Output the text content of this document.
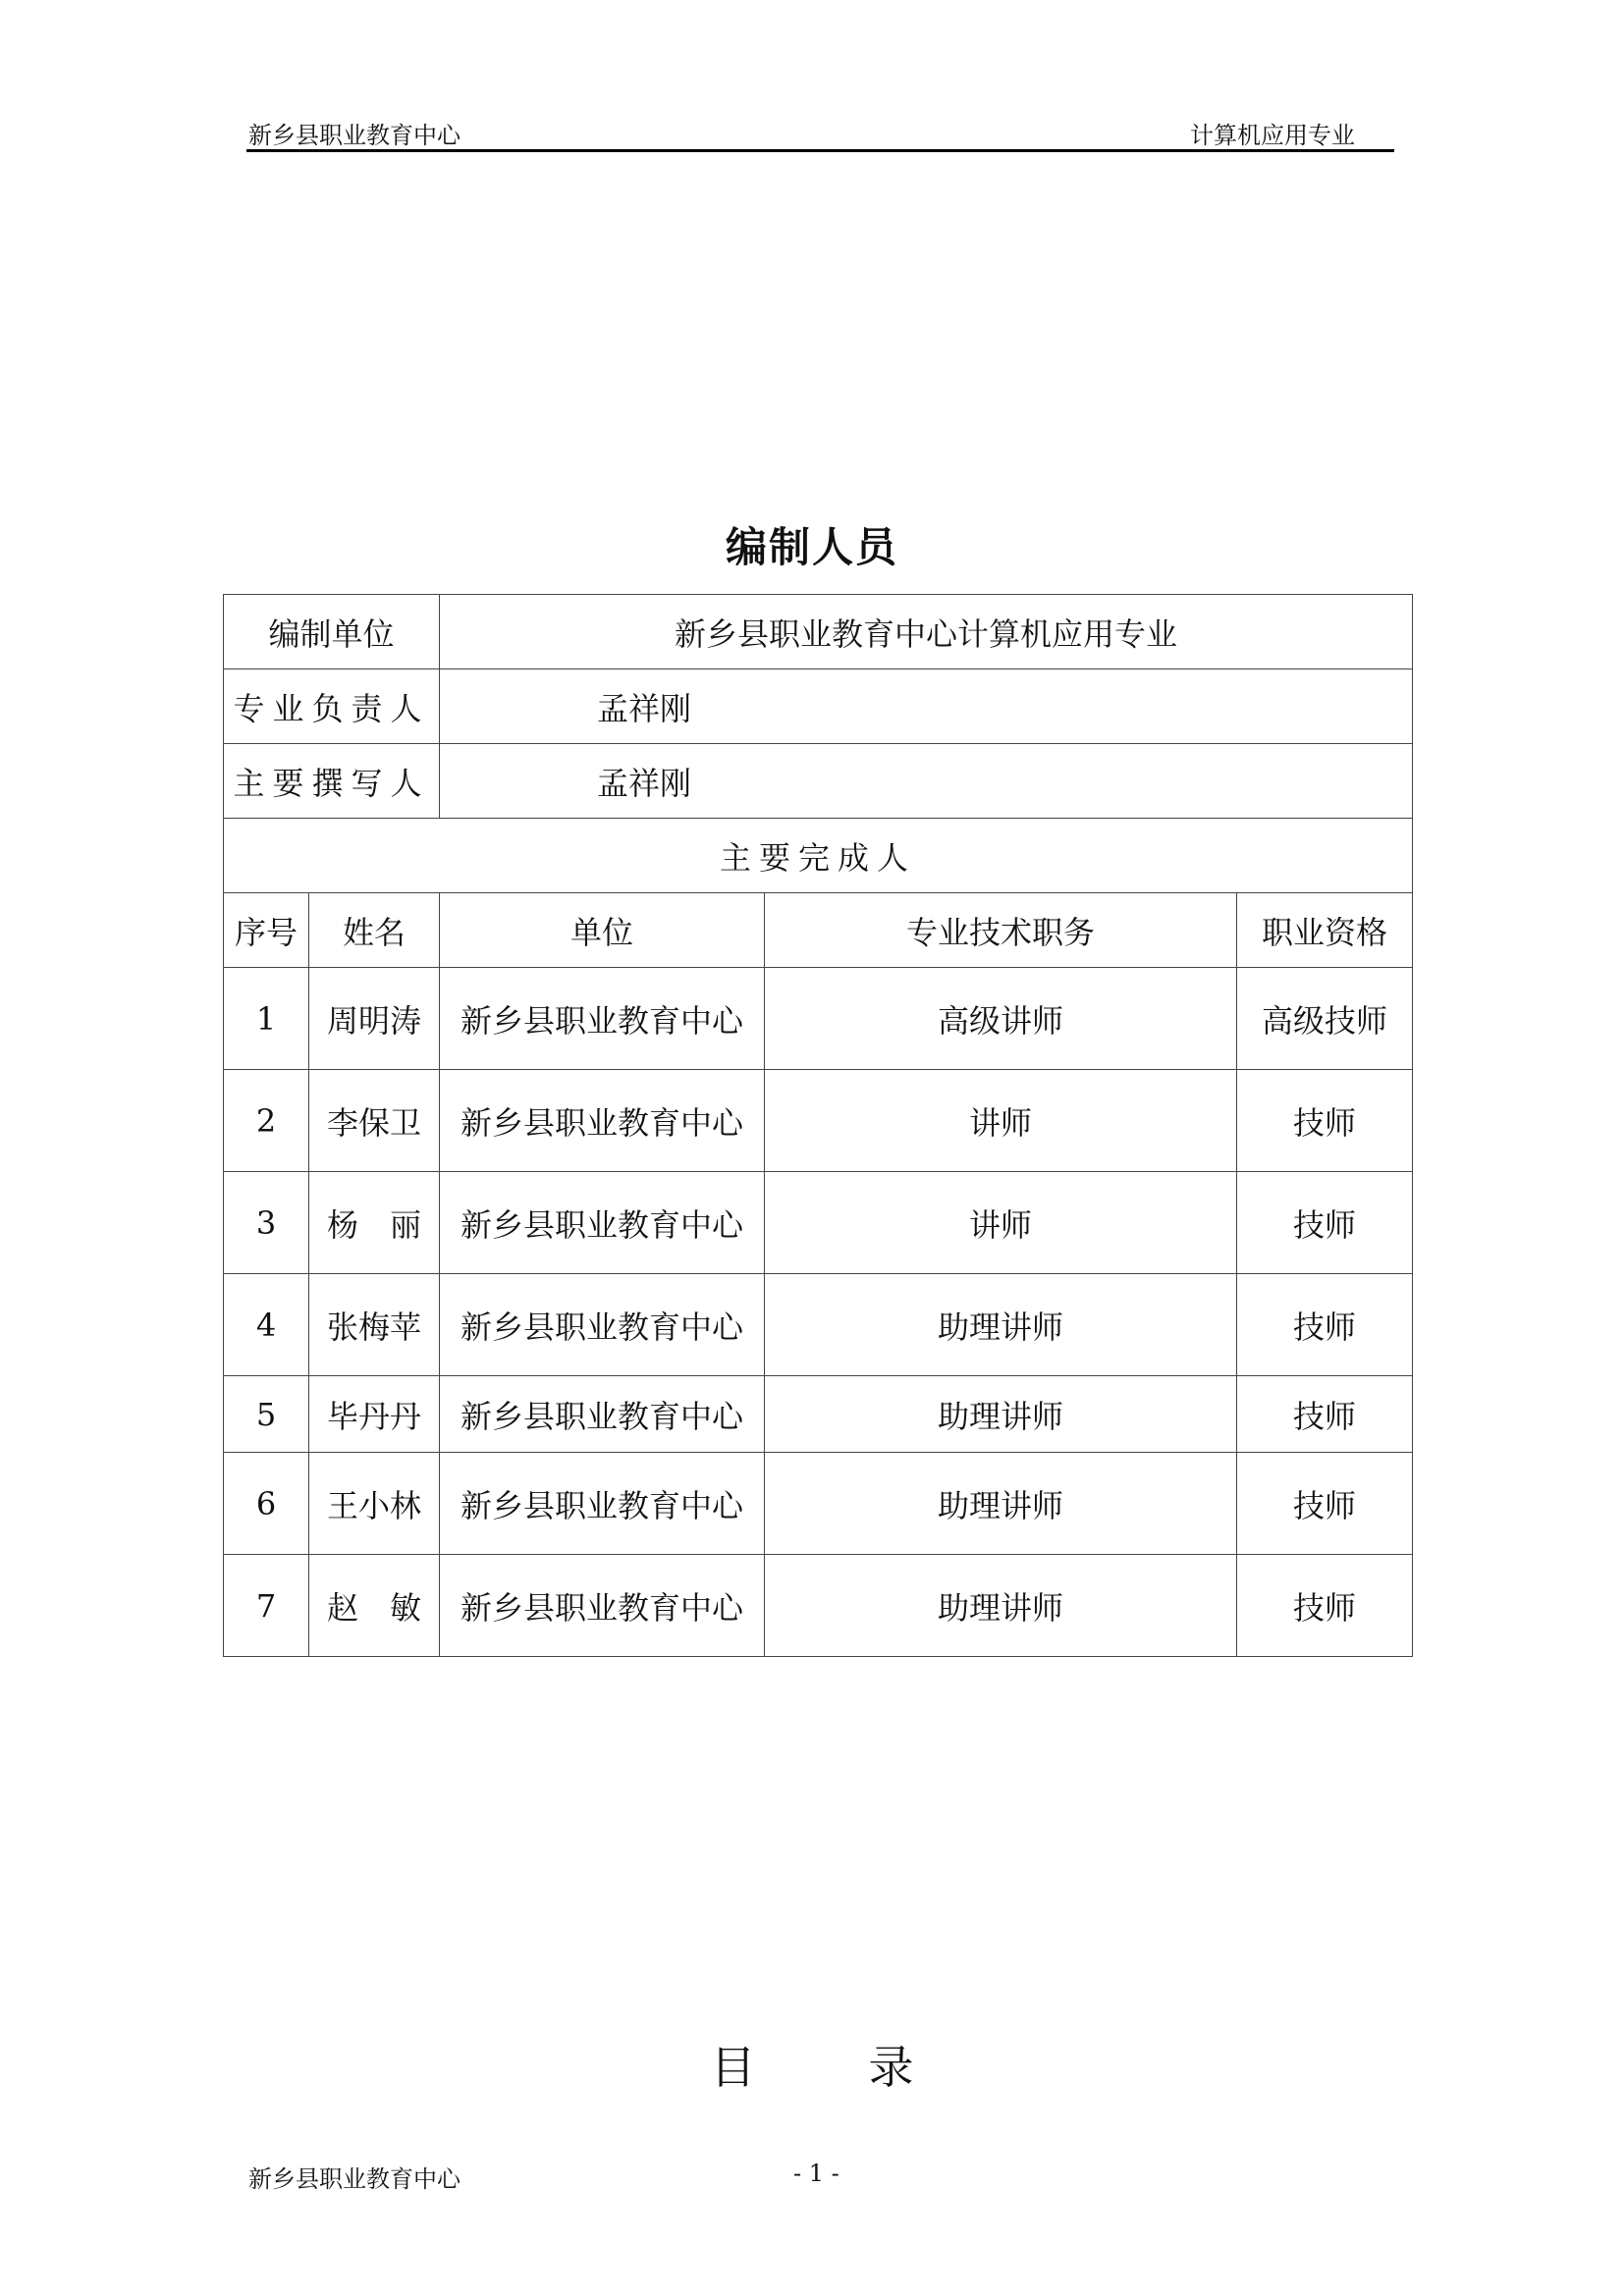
新乡县职业教育中心	计算机应用专业
编制人员
编制单位		新乡县职业教育中心计算机应用专业		
专业负责人		孟祥刚		
主要撰写人		孟祥刚		
主要完成人				
序号	姓名	单位	专业技术职务	职业资格
1	周明涛	新乡县职业教育中心	高级讲师	高级技师
2	李保卫	新乡县职业教育中心	讲师	技师
3	杨　丽	新乡县职业教育中心	讲师	技师
4	张梅苹	新乡县职业教育中心	助理讲师	技师
5	毕丹丹	新乡县职业教育中心	助理讲师	技师
6	王小林	新乡县职业教育中心	助理讲师	技师
7	赵　敏	新乡县职业教育中心	助理讲师	技师
目	录
新乡县职业教育中心	- 1 -
